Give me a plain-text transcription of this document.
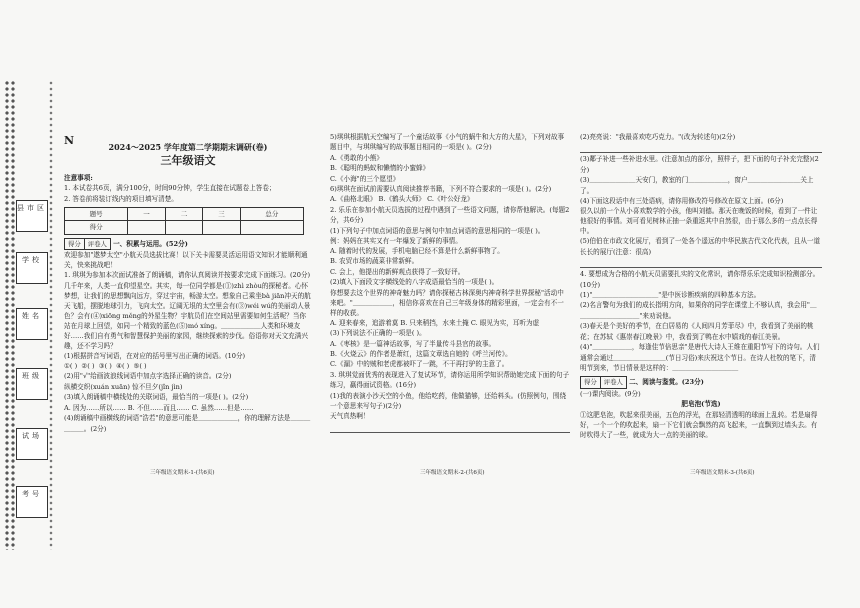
县市区
学校
姓名
班级
试场
考号
N	2024～2025 学年度第二学期期末调研(卷)
三年级语文
注意事项:
1. 本试卷共6页，满分100分，时间90分钟，学生直接在试题卷上答卷；
2. 答卷前将装订线内的项目填写清楚。
题号	一	二	三	总分
得分				
得分 评卷人 一、积累与运用。(52分)
欢迎参加"遨梦太空"小航天员选拔比赛！以下关卡需要灵活运用语文知识才能顺利通关，快来挑战吧！
1. 琪琪为参加本次面试准备了朗诵稿，请你认真阅读并按要求完成下面练习。(20分)
几千年来，人类一直仰望星空。其实，每一位同学都是(①)zhì zhòu的探秘者。心怀梦想，让我们的思想飘向远方，穿过宇宙，畅游太空。想象自己乘坐bà jiān冲天的航天飞船，摆脱地球引力，飞向太空。辽阔无垠的太空里会有(③)wéi wú的美丽动人景色？会有(④)xiōng měng的外星生物？宇航员们在空间站里需要如何生活呢？当你站在月球上回望，如同一个精致的蓝色(⑤)mó xíng。＿＿＿＿＿＿人类和环境友好……我们自有勇气和智慧保护美丽的家园，继续探索的步伐。俗语你对天文充满兴趣，还不学习吗？
(1)根据拼音写词语，在对应的括号里写出正确的词语。(10分)
①( ) ②( ) ③( ) ④( ) ⑤( )
(2)用"√"给画波浪线词语中加点字选择正确的读音。(2分)
纵横交织(xuán xuān) 惊不旦夕(jǐn jìn)
(3)填入朗诵稿中横线处的关联词语，最恰当的一项是( )。(2分)
A. 因为……所以…… B. 不但……而且…… C. 虽然……但是……
(4)朗诵稿中画横线的词语"浩若"的意思可能是＿＿＿＿＿＿，你的理解方法是＿＿＿＿＿＿。(2分)
三年级语文期末-1-(共6页)
5)琪琪根据航天空编写了一个童话故事《小气的蜗牛和大方的大星》，下列对故事题目中，与琪琪编写的故事题目相同的一项是( )。(2分)
A.《勇敢的小熊》
B.《聪明的蚂蚁和懒惰的小蜜蜂》
C.《小海"的三个愿望》
6)琪琪在面试前需要认真阅读推荐书籍，下列不符合要求的一项是( )。(2分)
A.《曲格北眼》 B.《鹤头大师》 C.《叶公好龙》
2. 乐乐在参加小航天员选拔的过程中遇到了一些语文问题，请你帮他解决。(每题2分，共6分)
(1)下列句子中加点词语的意思与例句中加点词语的意思相同的一项是( )。
例：妈妈在其实又有一年爆发了新鲜的事情。
A. 随着时代的发展，手机电脑已经不算是什么新鲜事物了。
B. 农贸市场的蔬菜非常新鲜。
C. 会上，他提出的新鲜观点获得了一致好评。
(2)填入下面段文字横线处的八字成语最恰当的一项是( )。
你想要去这个世界的神奇魅力吗？请你探秘古林深奥内神奇科学世界探秘"活动中来吧。"＿＿＿＿＿＿，相信你喜欢在自己三年级身体的精彩里面，一定会有不一样的收获。
A. 迎来春来，追游着莫 B. 只来稍挡，水来土掩 C. 眼见为实，耳听为虚
(3)下列说法不正确的一项是( )。
A.《枣核》是一篇神话故事，写了半量传斗县官的故事。
B.《火烧云》的作者是萧红，这篇文章选自她的《呼兰河传》。
C.《漏》中的贼和老虎都被吓了一跳，不干再打驴的主意了。
3. 琪琪觉面优秀的表现进入了复试环节，请你运用所学知识帮助她完成下面的句子练习，赢得面试资格。(16分)
(1)我的表演小沙天空的小鱼，他给吃药，他做猫够，还给料头。(仿照例句，围绕一个意思来写句子)(2分)
天气真热啊！
三年级语文期末-2-(共6页)
(2)亮亮说："我最喜欢吃巧克力。"(改为转述句)(2分)
(3)鄰子补进一些补进水里。(注意加点的部分，照样子，把下面的句子补充完整)(2分)
(3)＿＿＿＿＿＿＿天安门，教室的门＿＿＿＿＿＿，窗户＿＿＿＿＿＿＿＿关上了。
(4)下面这段话中有三处语病，请你用修改符号修改在原文上面。(6分)
很久以前一个从小喜欢数学的小孩，他叫刘德。那天在晚饭的时候，看到了一件让他很好的事情。刘可看见树林正抽一条重返其中自然很，由于那么多的一点点长得中。
(5)伯伯在市政文化展厅，看到了一处各个遥远的中华民族古代文化代表，且从一道长长的展厅(注意：很高)
4. 要想成为合格的小航天员需要扎实的文化常识，请你帮乐乐完成知识检测部分。(10分)
(1)"＿＿＿＿＿＿＿＿＿＿"是中医诊断疾病的四种基本方法。
(2)名言警句为我们的成长指明方向，如果你的同学在课堂上不够认真，我会用"＿＿＿＿＿＿＿＿＿＿"来劝说他。
(3)春天是个美好的季节，在白居易的《人间四月芳菲尽》中，我看到了美丽的桃花；在苏轼《惠崇春江晚景》中，我看到了鸭在水中嬉戏的春江美景。
(4)"＿＿＿＿＿＿，每逢佳节倍思亲"是唐代大诗人王维在重阳节写下的诗句。人们通常会通过＿＿＿＿＿＿＿＿(节日习俗)来庆祝这个节日。在诗人杜牧的笔下，清明节到来，节日情景是这样的：＿＿＿＿＿＿＿＿＿＿
得分 评卷人 二、阅读与鉴赏。(23分)
(一)课内阅读。(9分)
肥皂泡(节选)
①这肥皂泡，吹起来很美丽，五色的浮光，在那轻清透明的球面上乱转。若是扇得好，一个一个的吹起来，扇一下它们就会飘然的高飞起来，一直飘到过墙头去。有时吹得大了一些，就成为大一点的美丽的球。
三年级语文期末-3-(共6页)
